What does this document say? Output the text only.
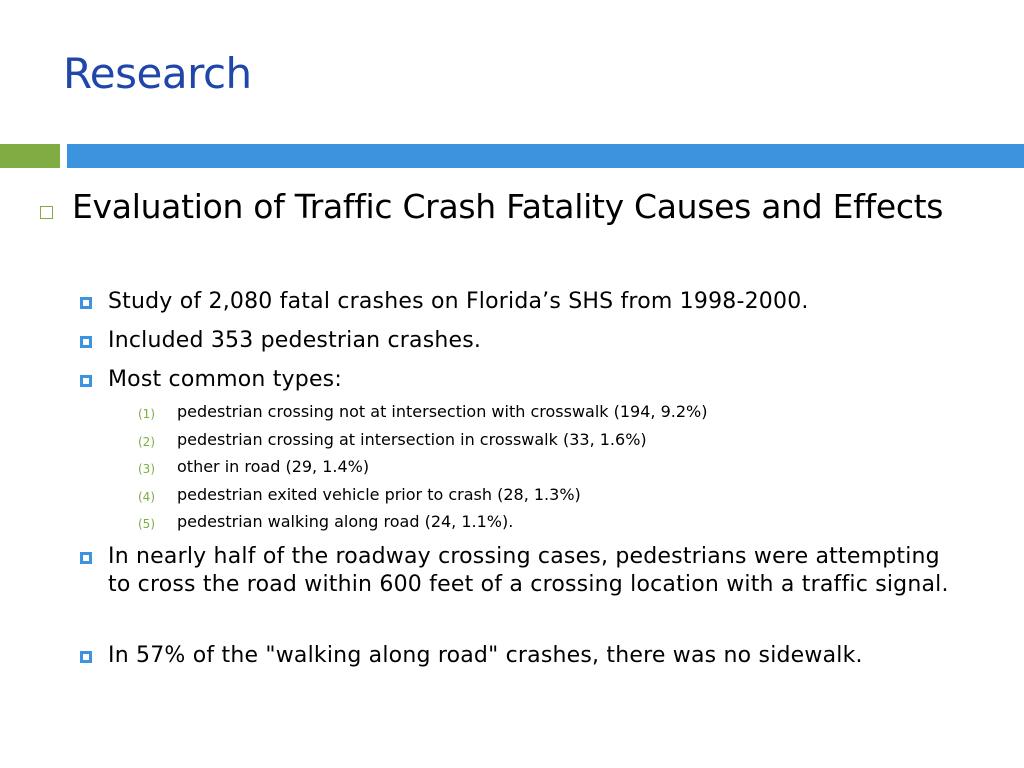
Research
Evaluation of Traffic Crash Fatality Causes and Effects
Study of 2,080 fatal crashes on Florida’s SHS from 1998-2000.
Included 353 pedestrian crashes.
Most common types:
(1) pedestrian crossing not at intersection with crosswalk (194, 9.2%)
(2) pedestrian crossing at intersection in crosswalk (33, 1.6%)
(3) other in road (29, 1.4%)
(4) pedestrian exited vehicle prior to crash (28, 1.3%)
(5) pedestrian walking along road (24, 1.1%).
In nearly half of the roadway crossing cases, pedestrians were attempting to cross the road within 600 feet of a crossing location with a traffic signal.
In 57% of the "walking along road" crashes, there was no sidewalk.
